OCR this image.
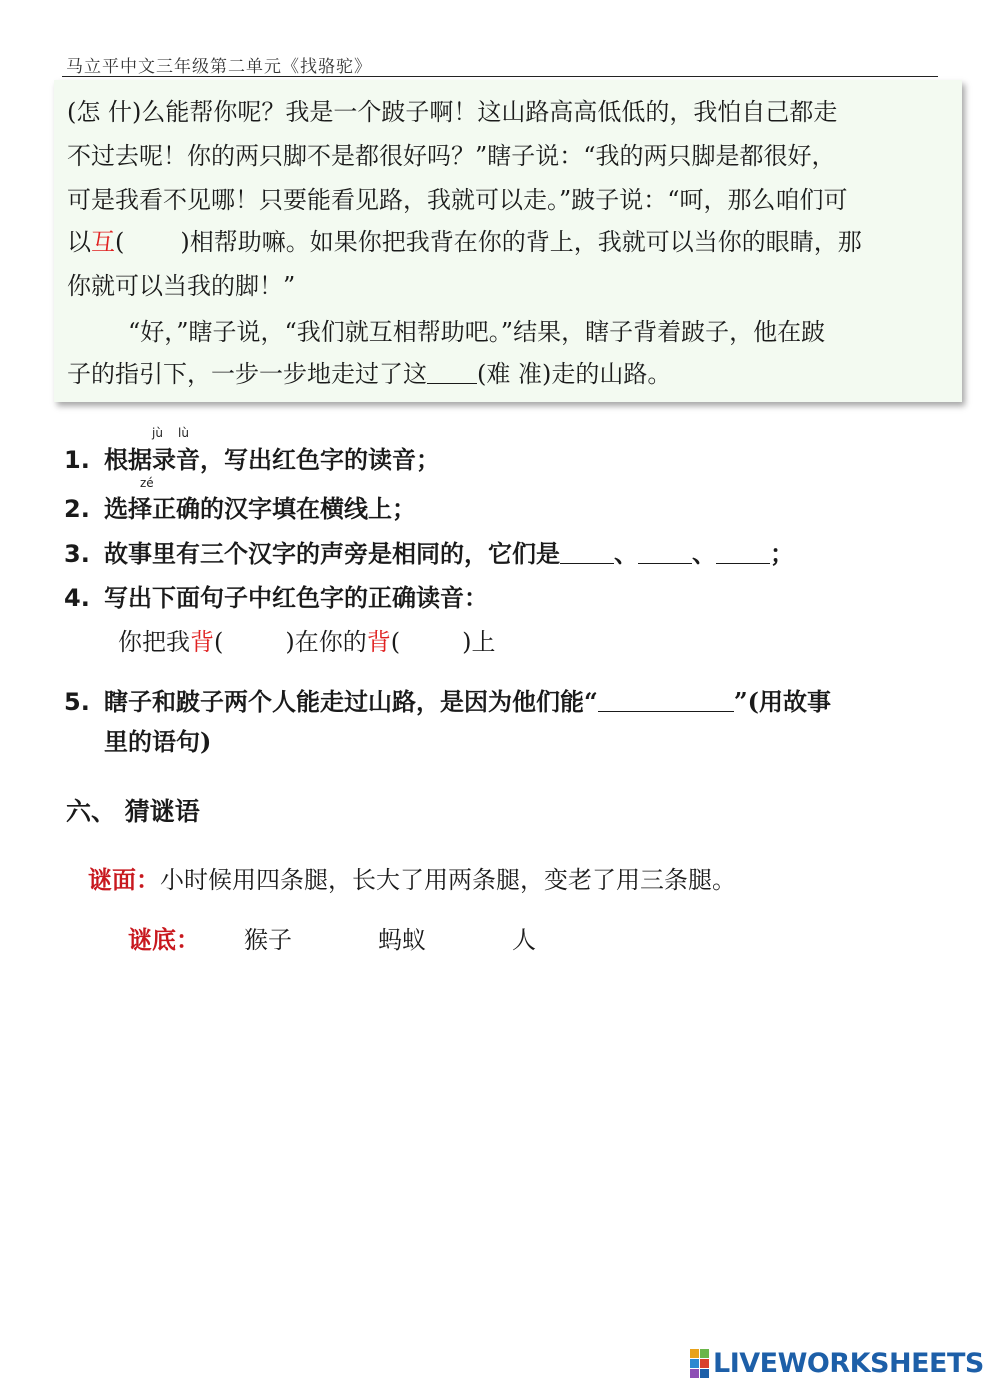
马立平中文三年级第二单元《找骆驼》
(怎 什)么能帮你呢？我是一个跛子啊！这山路高高低低的，我怕自己都走
不过去呢！你的两只脚不是都很好吗？”瞎子说：“我的两只脚是都很好，
可是我看不见哪！只要能看见路，我就可以走。”跛子说：“呵，那么咱们可
以互( )相帮助嘛。如果你把我背在你的背上，我就可以当你的眼睛，那
你就可以当我的脚！”
“好，”瞎子说，“我们就互相帮助吧。”结果，瞎子背着跛子，他在跛
子的指引下，一步一步地走过了这 (难 准)走的山路。
jù lù
1. 根据录音，写出红色字的读音；
zé
2. 选择正确的汉字填在横线上；
3. 故事里有三个汉字的声旁是相同的，它们是 、 、 ；
4. 写出下面句子中红色字的正确读音：
你把我背(	)在你的背(	)上
5. 瞎子和跛子两个人能走过山路，是因为他们能“	”(用故事
里的语句)
六、 猜谜语
谜面：小时候用四条腿，长大了用两条腿，变老了用三条腿。
谜底： 猴子	蚂蚁	人
LIVEWORKSHEETS
